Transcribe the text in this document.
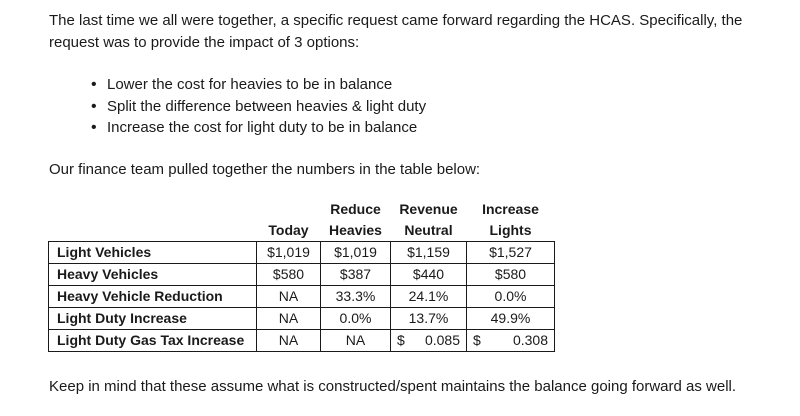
The last time we all were together, a specific request came forward regarding the HCAS. Specifically, the request was to provide the impact of 3 options:

• Lower the cost for heavies to be in balance
• Split the difference between heavies & light duty
• Increase the cost for light duty to be in balance

Our finance team pulled together the numbers in the table below:

		Reduce	Revenue	Increase
	Today	Heavies	Neutral	Lights
Light Vehicles	$1,019	$1,019	$1,159	$1,527
Heavy Vehicles	$580	$387	$440	$580
Heavy Vehicle Reduction	NA	33.3%	24.1%	0.0%
Light Duty Increase	NA	0.0%	13.7%	49.9%
Light Duty Gas Tax Increase	NA	NA	$ 0.085	$ 0.308

Keep in mind that these assume what is constructed/spent maintains the balance going forward as well.
